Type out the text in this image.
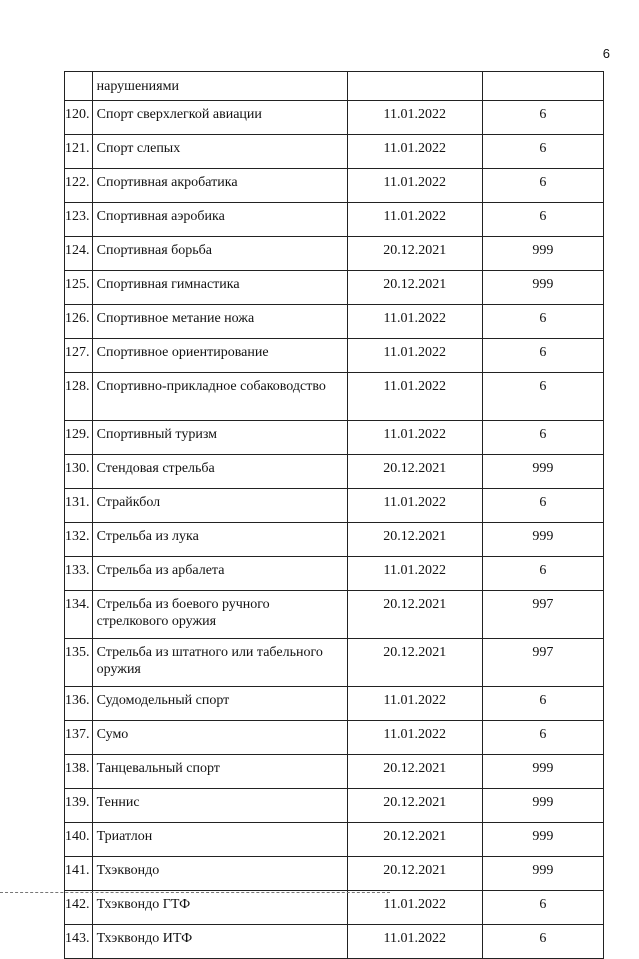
6
	нарушениями		
120.	Спорт сверхлегкой авиации	11.01.2022	6
121.	Спорт слепых	11.01.2022	6
122.	Спортивная акробатика	11.01.2022	6
123.	Спортивная аэробика	11.01.2022	6
124.	Спортивная борьба	20.12.2021	999
125.	Спортивная гимнастика	20.12.2021	999
126.	Спортивное метание ножа	11.01.2022	6
127.	Спортивное ориентирование	11.01.2022	6
128.	Спортивно-прикладное собаководство	11.01.2022	6
129.	Спортивный туризм	11.01.2022	6
130.	Стендовая стрельба	20.12.2021	999
131.	Страйкбол	11.01.2022	6
132.	Стрельба из лука	20.12.2021	999
133.	Стрельба из арбалета	11.01.2022	6
134.	Стрельба из боевого ручного стрелкового оружия	20.12.2021	997
135.	Стрельба из штатного или табельного оружия	20.12.2021	997
136.	Судомодельный спорт	11.01.2022	6
137.	Сумо	11.01.2022	6
138.	Танцевальный спорт	20.12.2021	999
139.	Теннис	20.12.2021	999
140.	Триатлон	20.12.2021	999
141.	Тхэквондо	20.12.2021	999
142.	Тхэквондо ГТФ	11.01.2022	6
143.	Тхэквондо ИТФ	11.01.2022	6
